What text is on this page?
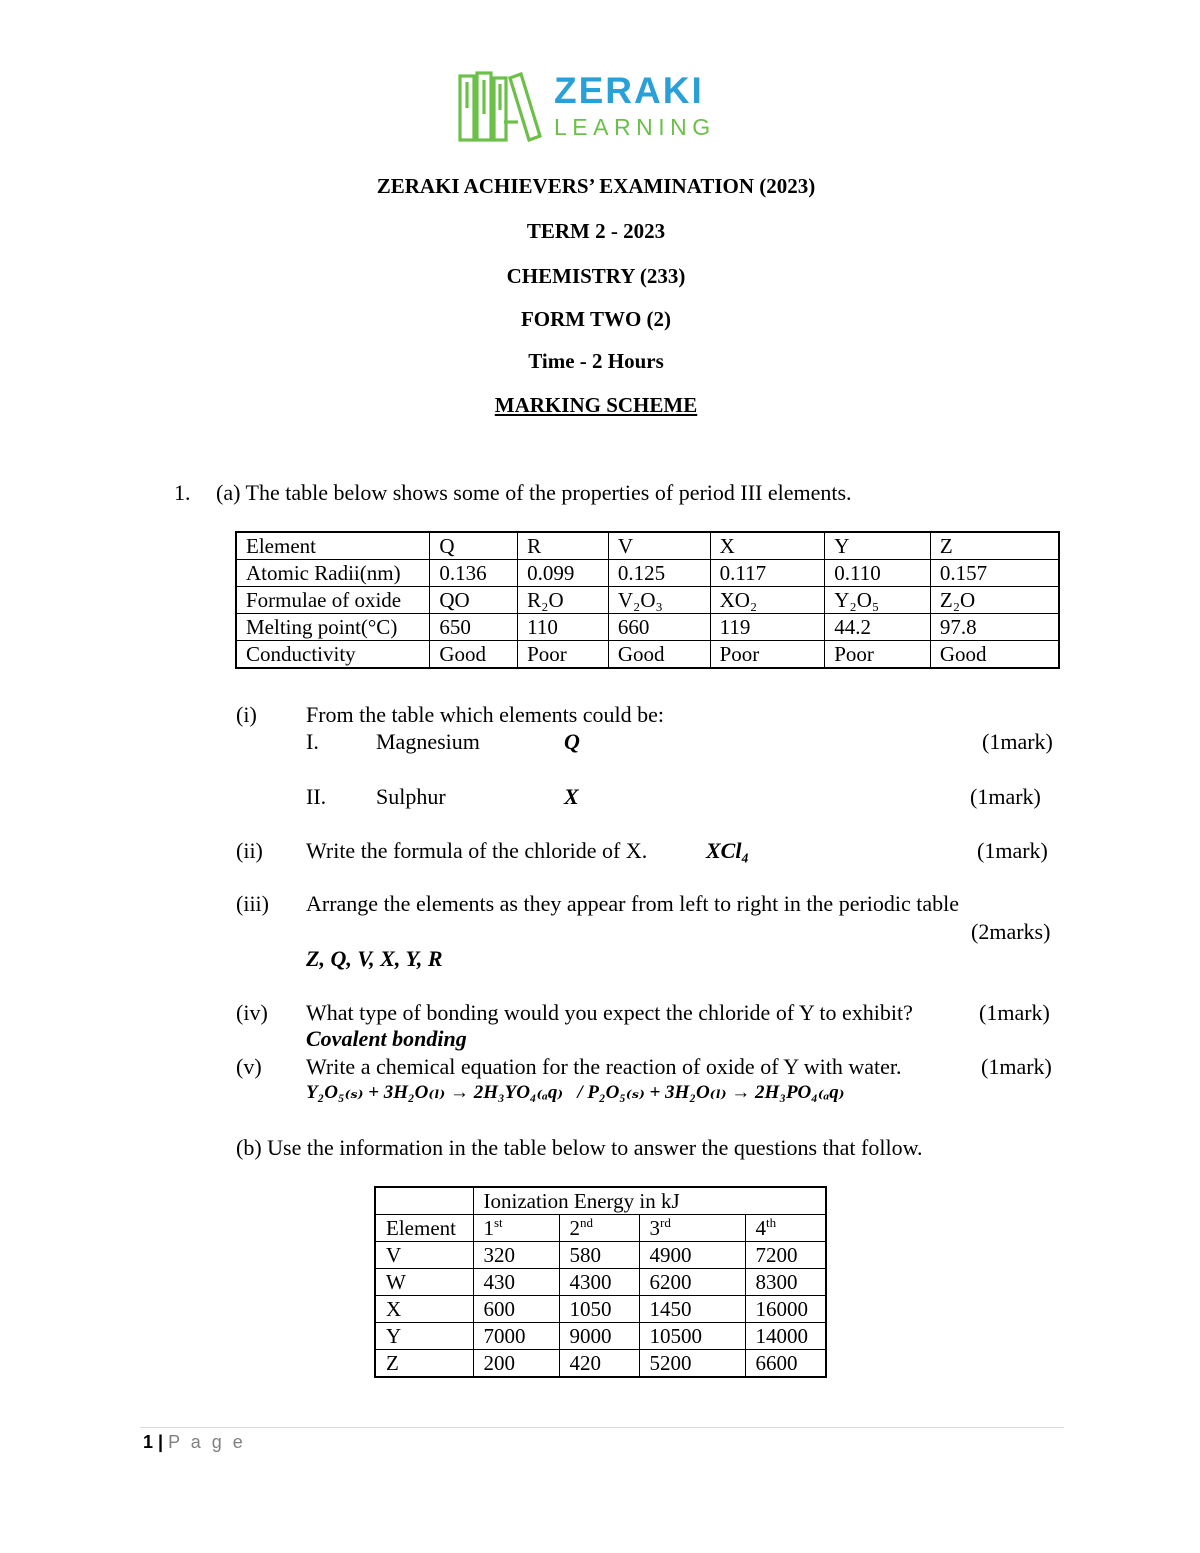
ZERAKI
LEARNING
ZERAKI ACHIEVERS’ EXAMINATION (2023)
TERM 2 - 2023
CHEMISTRY (233)
FORM TWO (2)
Time - 2 Hours
MARKING SCHEME
1. (a) The table below shows some of the properties of period III elements.
Element	Q	R	V	X	Y	Z
Atomic Radii(nm)	0.136	0.099	0.125	0.117	0.110	0.157
Formulae of oxide	QO	R₂O	V₂O₃	XO₂	Y₂O₅	Z₂O
Melting point(°C)	650	110	660	119	44.2	97.8
Conductivity	Good	Poor	Good	Poor	Poor	Good
(i) From the table which elements could be:
I.	Magnesium	Q	(1mark)
II. Sulphur	X	(1mark)
(ii) Write the formula of the chloride of X.	XCl₄	(1mark)
(iii) Arrange the elements as they appear from left to right in the periodic table
(2marks)
Z, Q, V, X, Y, R
(iv) What type of bonding would you expect the chloride of Y to exhibit?	(1mark)
Covalent bonding
(v) Write a chemical equation for the reaction of oxide of Y with water.	(1mark)
Y₂O₅₍ₛ₎ + 3H₂O₍ₗ₎ → 2H₃YO₄₍ₐq₎   / P₂O₅₍ₛ₎ + 3H₂O₍ₗ₎ → 2H₃PO₄₍ₐq₎
(b) Use the information in the table below to answer the questions that follow.
	Ionization Energy in kJ			
Element	1st	2nd	3rd	4th
V	320	580	4900	7200
W	430	4300	6200	8300
X	600	1050	1450	16000
Y	7000	9000	10500	14000
Z	200	420	5200	6600
1 | P a g e
